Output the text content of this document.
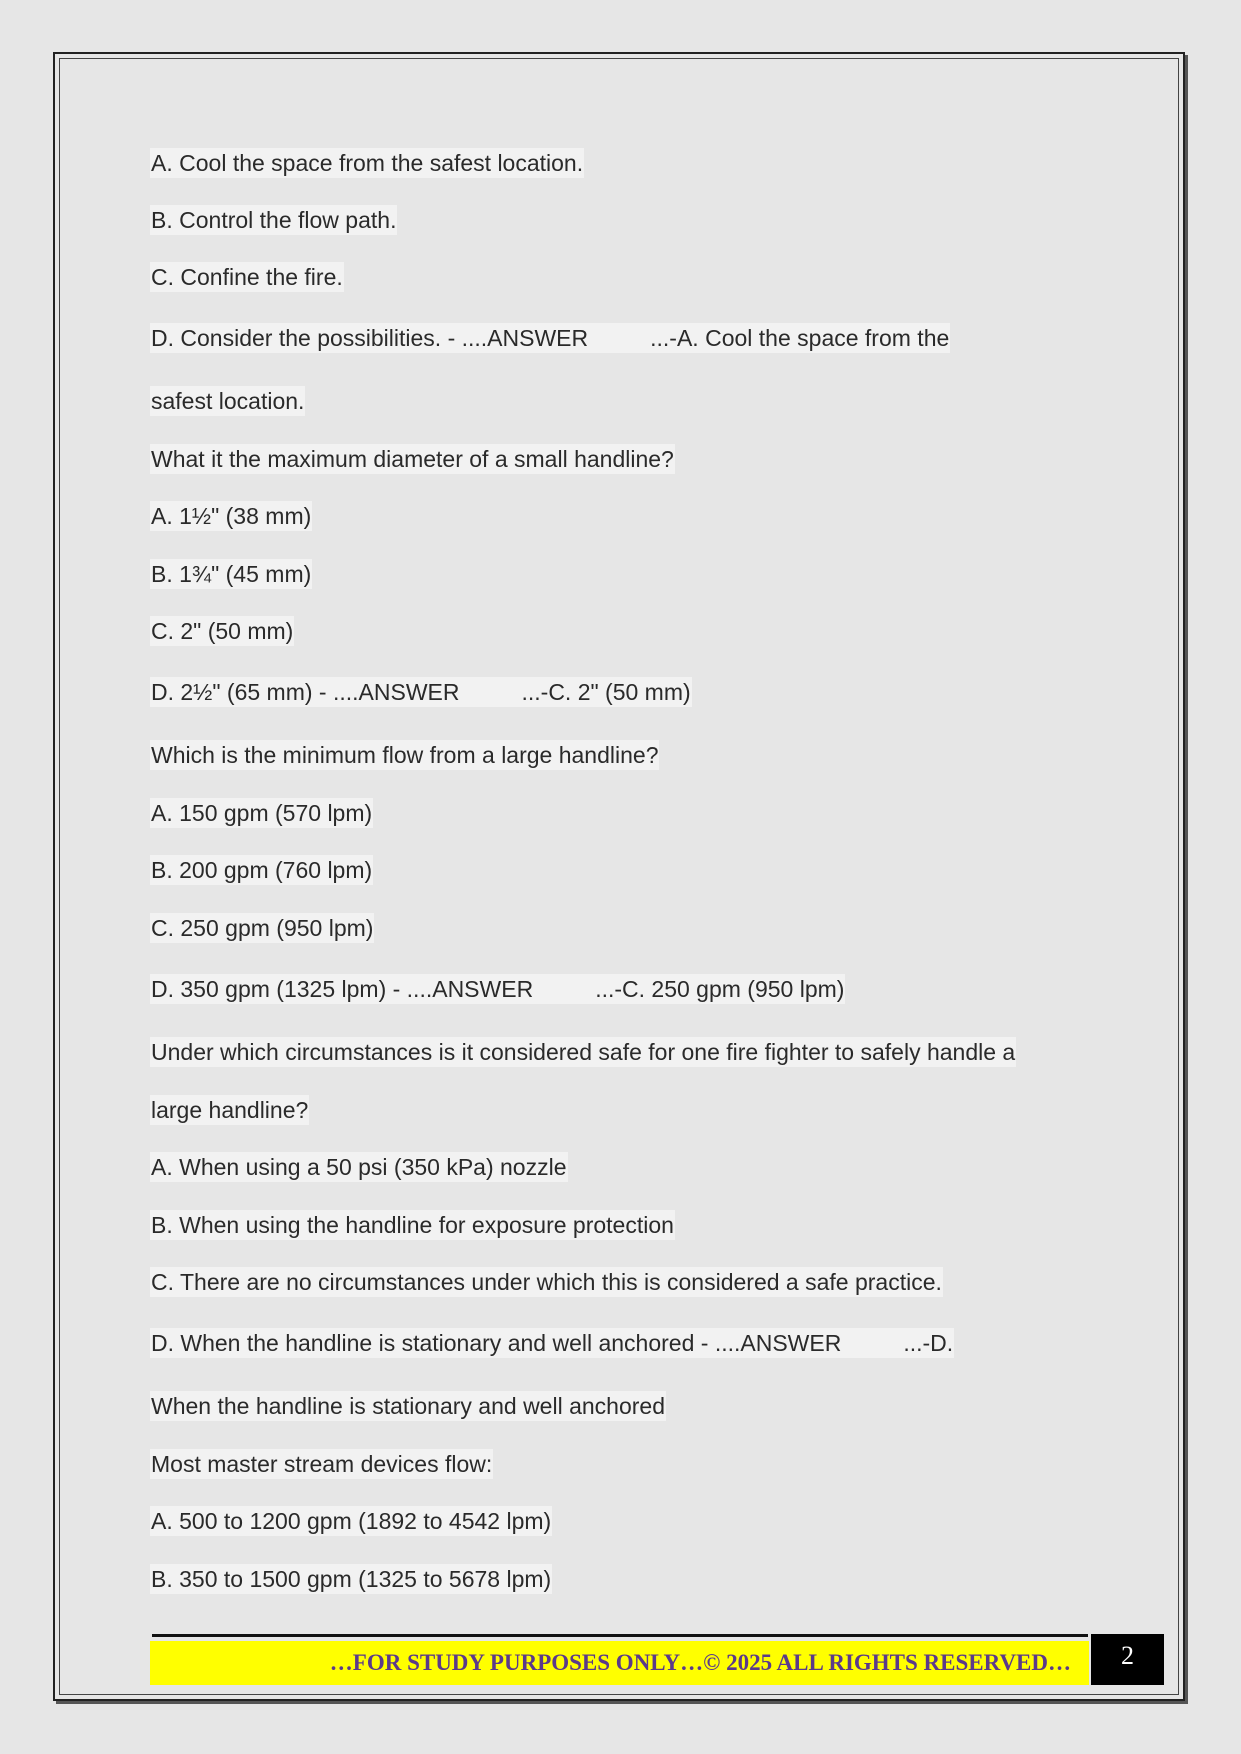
A. Cool the space from the safest location.
B. Control the flow path.
C. Confine the fire.
D. Consider the possibilities. - ....ANSWER	...-A. Cool the space from the
safest location.
What it the maximum diameter of a small handline?
A. 1½" (38 mm)
B. 1¾" (45 mm)
C. 2" (50 mm)
D. 2½" (65 mm) - ....ANSWER	...-C. 2" (50 mm)
Which is the minimum flow from a large handline?
A. 150 gpm (570 lpm)
B. 200 gpm (760 lpm)
C. 250 gpm (950 lpm)
D. 350 gpm (1325 lpm) - ....ANSWER	...-C. 250 gpm (950 lpm)
Under which circumstances is it considered safe for one fire fighter to safely handle a
large handline?
A. When using a 50 psi (350 kPa) nozzle
B. When using the handline for exposure protection
C. There are no circumstances under which this is considered a safe practice.
D. When the handline is stationary and well anchored - ....ANSWER	...-D.
When the handline is stationary and well anchored
Most master stream devices flow:
A. 500 to 1200 gpm (1892 to 4542 lpm)
B. 350 to 1500 gpm (1325 to 5678 lpm)
…FOR STUDY PURPOSES ONLY…© 2025 ALL RIGHTS RESERVED…	2
